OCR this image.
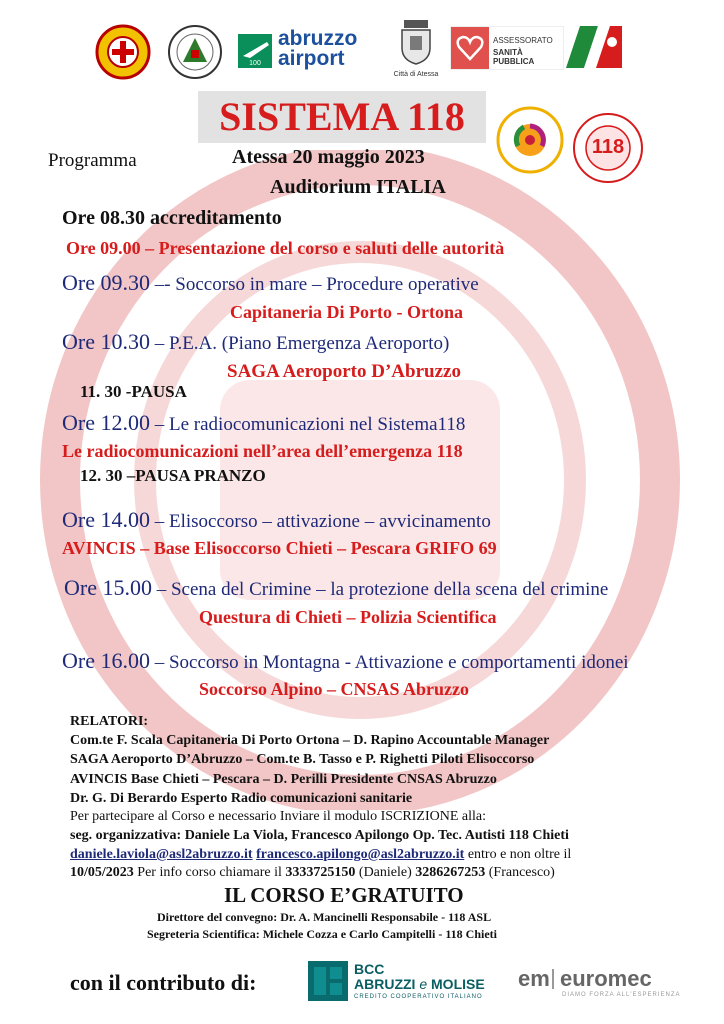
100
abruzzo
airport
Città di Atessa
ASSESSORATO
SANITÀ PUBBLICA
SISTEMA 118
118
Programma	Atessa 20 maggio 2023
Auditorium ITALIA
Ore 08.30 accreditamento
Ore 09.00 – Presentazione del corso e saluti delle autorità
Ore 09.30 –- Soccorso in mare – Procedure operative
Capitaneria Di Porto - Ortona
Ore 10.30 – P.E.A. (Piano Emergenza Aeroporto)
SAGA Aeroporto D’Abruzzo
11. 30 -PAUSA
Ore 12.00 – Le radiocomunicazioni nel Sistema118
Le radiocomunicazioni nell’area dell’emergenza 118
12. 30 –PAUSA PRANZO
Ore 14.00 – Elisoccorso – attivazione – avvicinamento
AVINCIS – Base Elisoccorso Chieti – Pescara GRIFO 69
Ore 15.00 – Scena del Crimine – la protezione della scena del crimine
Questura di Chieti – Polizia Scientifica
Ore 16.00 – Soccorso in Montagna - Attivazione e comportamenti idonei
Soccorso Alpino – CNSAS Abruzzo
RELATORI:
Com.te F. Scala Capitaneria Di Porto Ortona – D. Rapino Accountable Manager
SAGA Aeroporto D’Abruzzo – Com.te B. Tasso e P. Righetti Piloti Elisoccorso
AVINCIS Base Chieti – Pescara – D. Perilli Presidente CNSAS Abruzzo
Dr. G. Di Berardo Esperto Radio comunicazioni sanitarie
Per partecipare al Corso e necessario Inviare il modulo ISCRIZIONE alla:
seg. organizzativa: Daniele La Viola, Francesco Apilongo Op. Tec. Autisti 118 Chieti
daniele.laviola@asl2abruzzo.it francesco.apilongo@asl2abruzzo.it entro e non oltre il
10/05/2023 Per info corso chiamare il 3333725150 (Daniele) 3286267253 (Francesco)
IL CORSO E’GRATUITO
Direttore del convegno: Dr. A. Mancinelli Responsabile - 118 ASL
Segreteria Scientifica: Michele Cozza e Carlo Campitelli - 118 Chieti
con il contributo di:
BCC
ABRUZZI e MOLISE
CREDITO COOPERATIVO ITALIANO
em euromec
DIAMO FORZA ALL'ESPERIENZA
